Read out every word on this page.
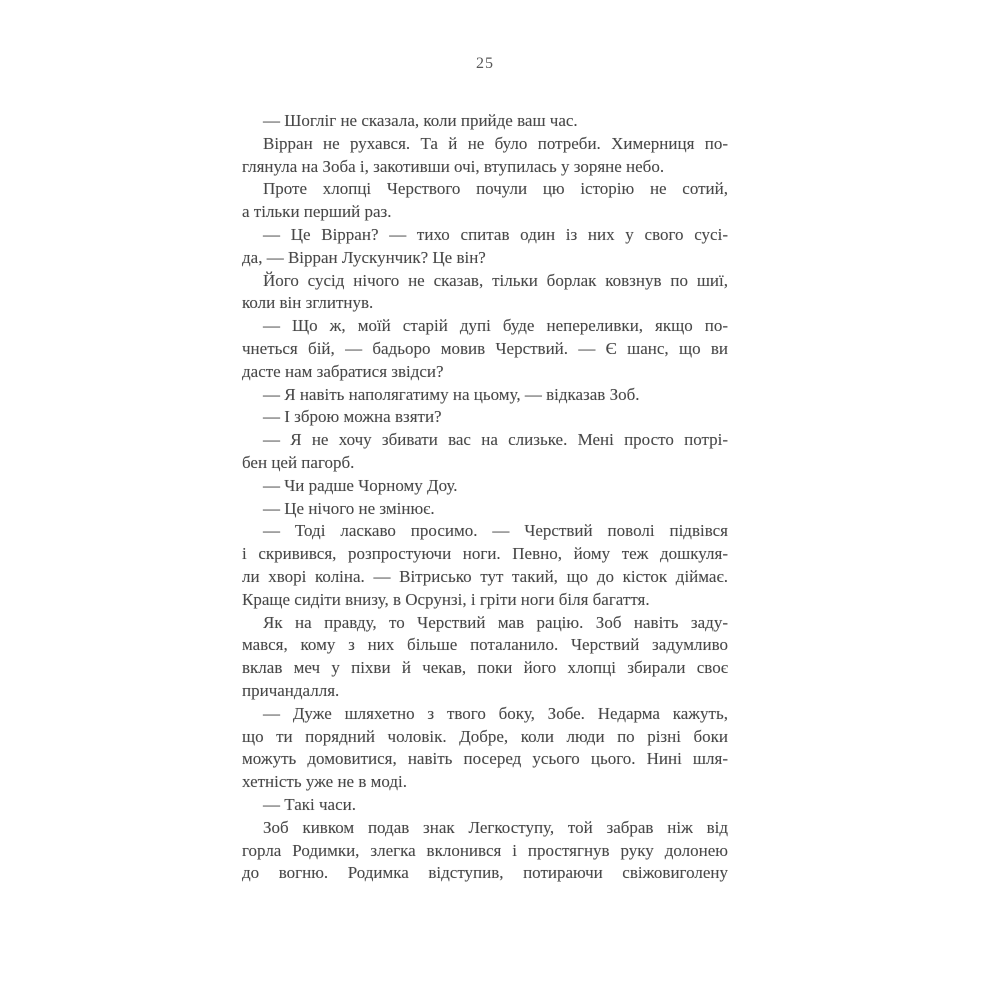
25
— Шогліг не сказала, коли прийде ваш час.
Вірран не рухався. Та й не було потреби. Химерниця по-
глянула на Зоба і, закотивши очі, втупилась у зоряне небо.
Проте хлопці Черствого почули цю історію не сотий,
а тільки перший раз.
— Це Вірран? — тихо спитав один із них у свого сусі-
да, — Вірран Лускунчик? Це він?
Його сусід нічого не сказав, тільки борлак ковзнув по шиї,
коли він зглитнув.
— Що ж, моїй старій дупі буде непереливки, якщо по-
чнеться бій, — бадьоро мовив Черствий. — Є шанс, що ви
дасте нам забратися звідси?
— Я навіть наполягатиму на цьому, — відказав Зоб.
— І зброю можна взяти?
— Я не хочу збивати вас на слизьке. Мені просто потрі-
бен цей пагорб.
— Чи радше Чорному Доу.
— Це нічого не змінює.
— Тоді ласкаво просимо. — Черствий поволі підвівся
і скривився, розпростуючи ноги. Певно, йому теж дошкуля-
ли хворі коліна. — Вітрисько тут такий, що до кісток діймає.
Краще сидіти внизу, в Осрунзі, і гріти ноги біля багаття.
Як на правду, то Черствий мав рацію. Зоб навіть заду-
мався, кому з них більше поталанило. Черствий задумливо
вклав меч у піхви й чекав, поки його хлопці збирали своє
причандалля.
— Дуже шляхетно з твого боку, Зобе. Недарма кажуть,
що ти порядний чоловік. Добре, коли люди по різні боки
можуть домовитися, навіть посеред усього цього. Нині шля-
хетність уже не в моді.
— Такі часи.
Зоб кивком подав знак Легкоступу, той забрав ніж від
горла Родимки, злегка вклонився і простягнув руку долонею
до вогню. Родимка відступив, потираючи свіжовиголену
